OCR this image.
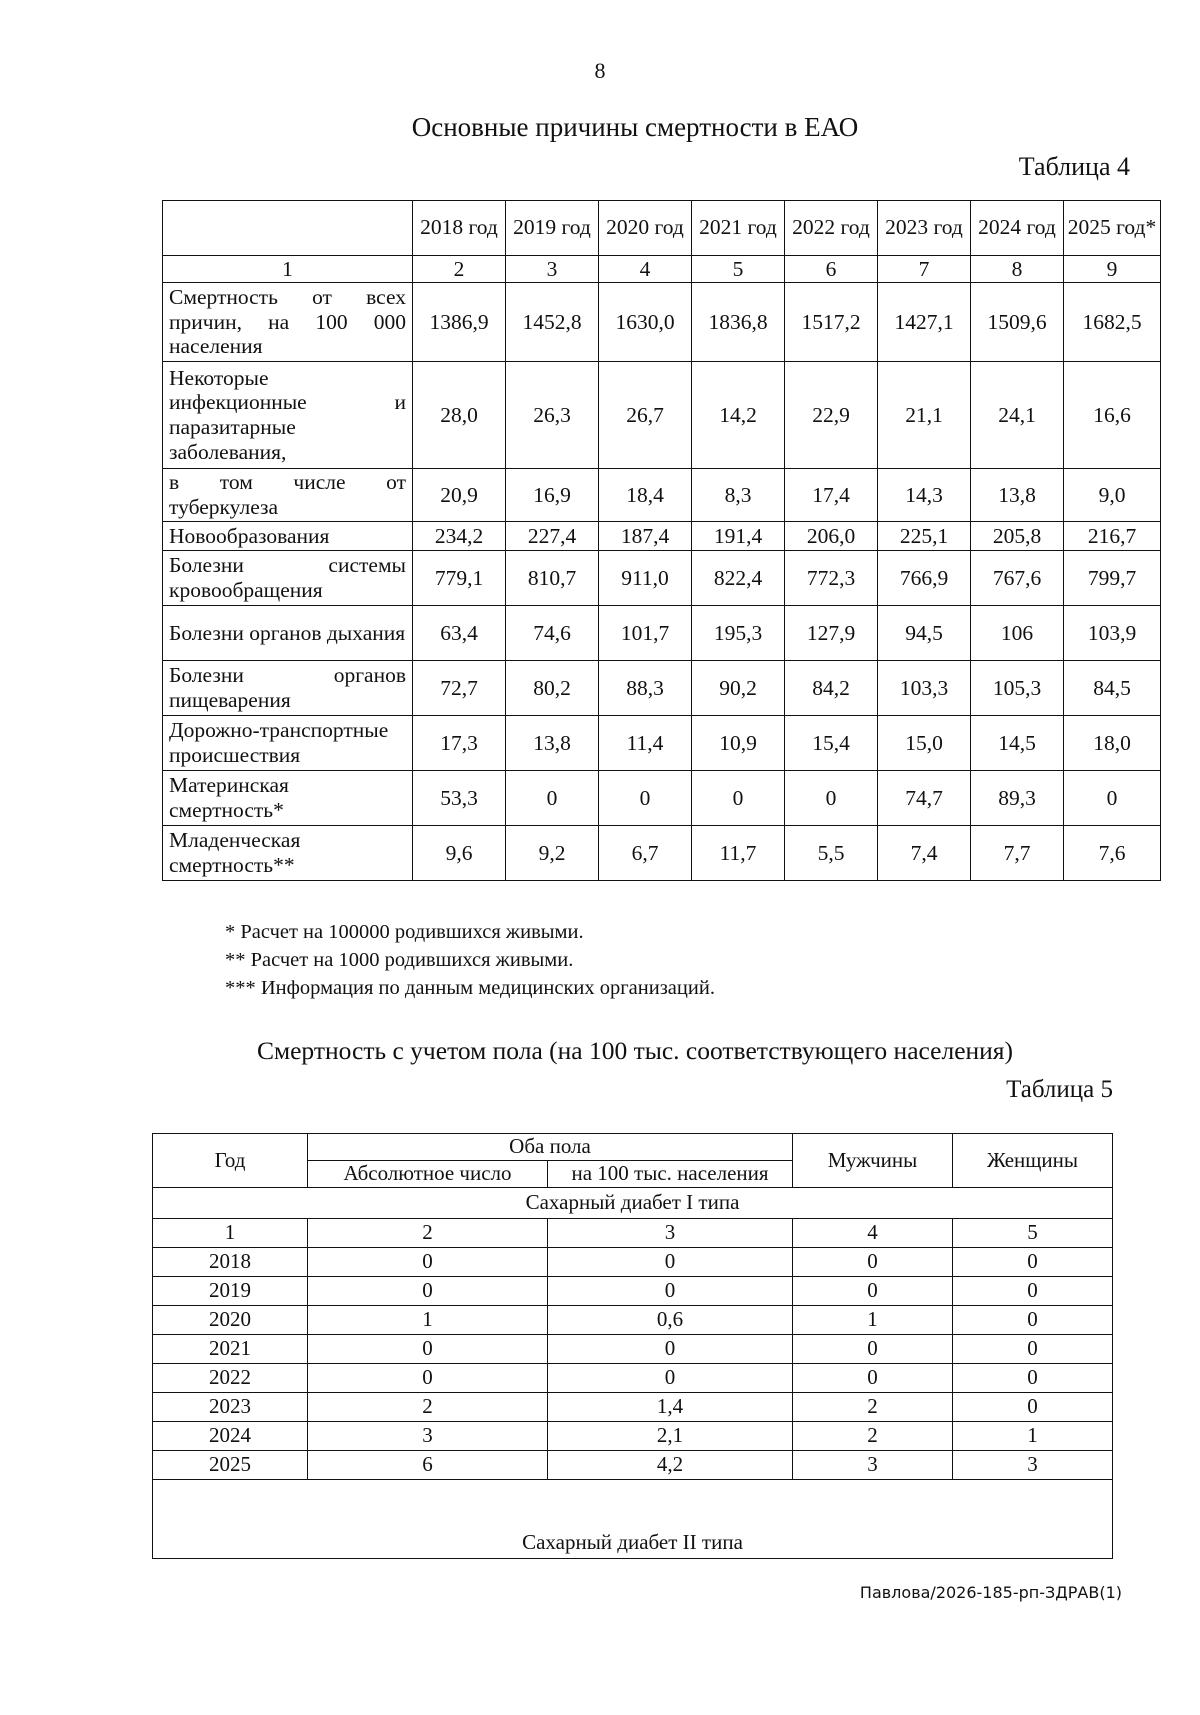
8
Основные причины смертности в ЕАО
Таблица 4
	2018 год	2019 год	2020 год	2021 год	2022 год	2023 год	2024 год	2025 год*
1	2	3	4	5	6	7	8	9
Смертность от всех причин, на 100 000 населения	1386,9	1452,8	1630,0	1836,8	1517,2	1427,1	1509,6	1682,5
Некоторые инфекционные и паразитарные заболевания,	28,0	26,3	26,7	14,2	22,9	21,1	24,1	16,6
в том числе от туберкулеза	20,9	16,9	18,4	8,3	17,4	14,3	13,8	9,0
Новообразования	234,2	227,4	187,4	191,4	206,0	225,1	205,8	216,7
Болезни системы кровообращения	779,1	810,7	911,0	822,4	772,3	766,9	767,6	799,7
Болезни органов дыхания	63,4	74,6	101,7	195,3	127,9	94,5	106	103,9
Болезни органов пищеварения	72,7	80,2	88,3	90,2	84,2	103,3	105,3	84,5
Дорожно-транспортные происшествия	17,3	13,8	11,4	10,9	15,4	15,0	14,5	18,0
Материнская смертность*	53,3	0	0	0	0	74,7	89,3	0
Младенческая смертность**	9,6	9,2	6,7	11,7	5,5	7,4	7,7	7,6
* Расчет на 100000 родившихся живыми.
** Расчет на 1000 родившихся живыми.
*** Информация по данным медицинских организаций.
Смертность с учетом пола (на 100 тыс. соответствующего населения)
Таблица 5
Год	Оба пола		Мужчины	Женщины
	Абсолютное число	на 100 тыс. населения		
Сахарный диабет I типа				
1	2	3	4	5
2018	0	0	0	0
2019	0	0	0	0
2020	1	0,6	1	0
2021	0	0	0	0
2022	0	0	0	0
2023	2	1,4	2	0
2024	3	2,1	2	1
2025	6	4,2	3	3
Сахарный диабет II типа				
Павлова/2026-185-рп-ЗДРАВ(1)
